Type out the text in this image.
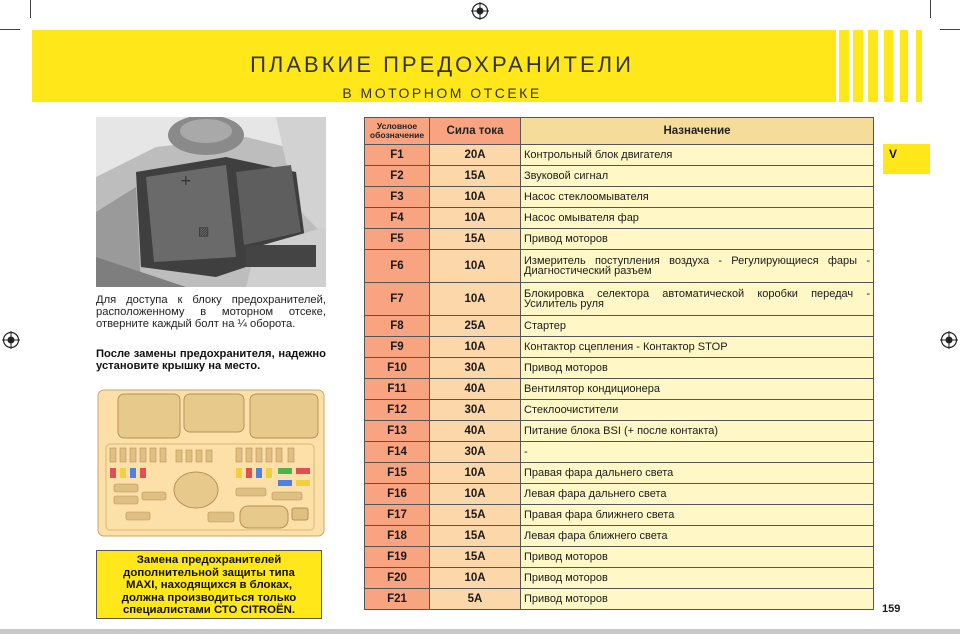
ПЛАВКИЕ ПРЕДОХРАНИТЕЛИ
В МОТОРНОМ ОТСЕКЕ
+
▨
Для доступа к блоку предохранителей, расположенному в моторном отсеке, отверните каждый болт на ¼ оборота.
После замены предохранителя, надежно установите крышку на место.
Замена предохранителей
дополнительной защиты типа
MAXI, находящихся в блоках,
должна производиться только
специалистами СТО CITROËN.
Условное
обозначение	Сила тока	Назначение
F1	20A	Контрольный блок двигателя
F2	15A	Звуковой сигнал
F3	10A	Насос стеклоомывателя
F4	10A	Насос омывателя фар
F5	15A	Привод моторов
F6	10A	Измеритель поступления воздуха - Регулирующиеся фары - Диагностический разъем
F7	10A	Блокировка селектора автоматической коробки передач - Усилитель руля
F8	25A	Стартер
F9	10A	Контактор сцепления - Контактор STOP
F10	30A	Привод моторов
F11	40A	Вентилятор кондиционера
F12	30A	Стеклоочистители
F13	40A	Питание блока BSI (+ после контакта)
F14	30A	-
F15	10A	Правая фара дальнего света
F16	10A	Левая фара дальнего света
F17	15A	Правая фара ближнего света
F18	15A	Левая фара ближнего света
F19	15A	Привод моторов
F20	10A	Привод моторов
F21	5A	Привод моторов
V
159
